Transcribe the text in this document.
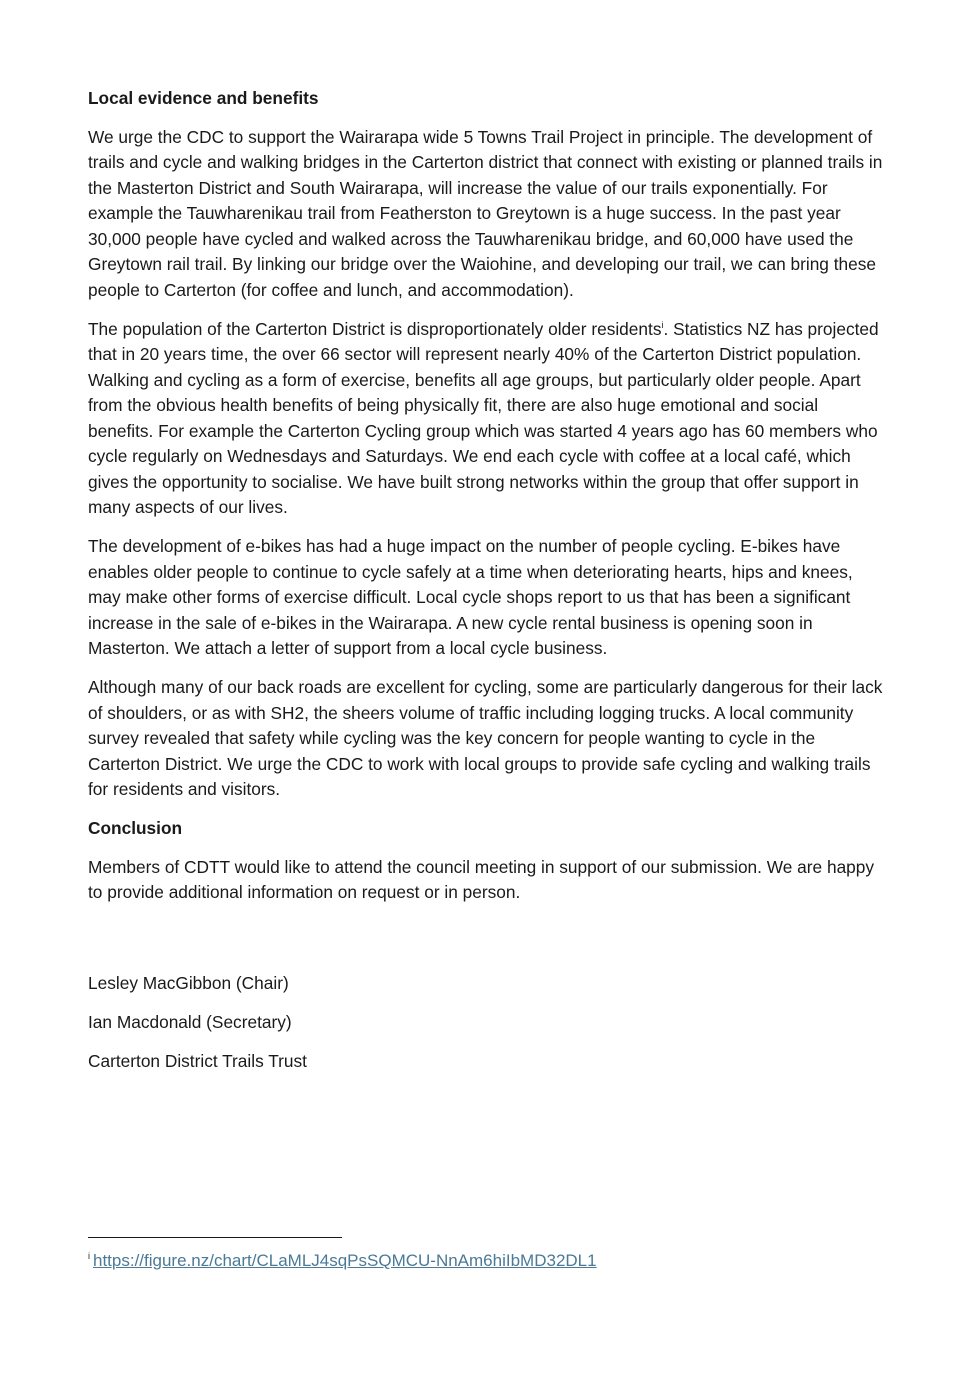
Local evidence and benefits

We urge the CDC to support the Wairarapa wide 5 Towns Trail Project in principle. The development of trails and cycle and walking bridges in the Carterton district that connect with existing or planned trails in the Masterton District and South Wairarapa, will increase the value of our trails exponentially. For example the Tauwharenikau trail from Featherston to Greytown is a huge success. In the past year 30,000 people have cycled and walked across the Tauwharenikau bridge, and 60,000 have used the Greytown rail trail. By linking our bridge over the Waiohine, and developing our trail, we can bring these people to Carterton (for coffee and lunch, and accommodation).

The population of the Carterton District is disproportionately older residents$^i$. Statistics NZ has projected that in 20 years time, the over 66 sector will represent nearly 40% of the Carterton District population. Walking and cycling as a form of exercise, benefits all age groups, but particularly older people. Apart from the obvious health benefits of being physically fit, there are also huge emotional and social benefits. For example the Carterton Cycling group which was started 4 years ago has 60 members who cycle regularly on Wednesdays and Saturdays. We end each cycle with coffee at a local café, which gives the opportunity to socialise. We have built strong networks within the group that offer support in many aspects of our lives.

The development of e-bikes has had a huge impact on the number of people cycling. E-bikes have enables older people to continue to cycle safely at a time when deteriorating hearts, hips and knees, may make other forms of exercise difficult. Local cycle shops report to us that has been a significant increase in the sale of e-bikes in the Wairarapa. A new cycle rental business is opening soon in Masterton. We attach a letter of support from a local cycle business.

Although many of our back roads are excellent for cycling, some are particularly dangerous for their lack of shoulders, or as with SH2, the sheers volume of traffic including logging trucks. A local community survey revealed that safety while cycling was the key concern for people wanting to cycle in the Carterton District. We urge the CDC to work with local groups to provide safe cycling and walking trails for residents and visitors.

Conclusion

Members of CDTT would like to attend the council meeting in support of our submission. We are happy to provide additional information on request or in person.

Lesley MacGibbon (Chair)

Ian Macdonald (Secretary)

Carterton District Trails Trust

$^i$ https://figure.nz/chart/CLaMLJ4sqPsSQMCU-NnAm6hiIbMD32DL1
